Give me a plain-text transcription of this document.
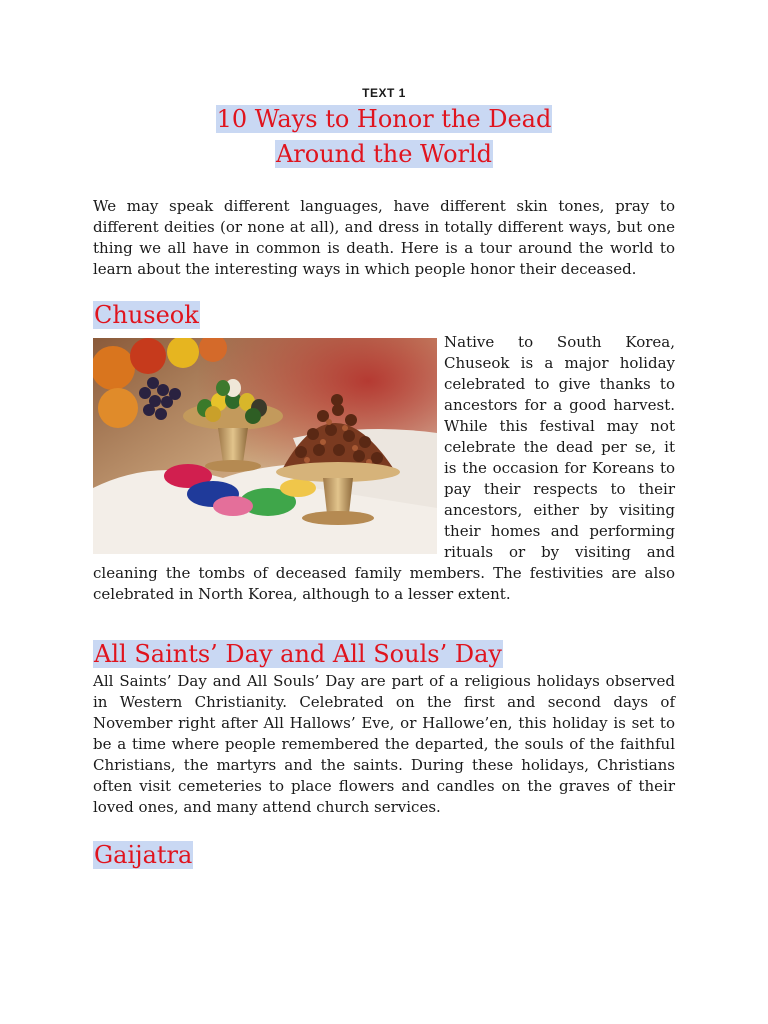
TEXT 1
10 Ways to Honor the Dead
Around the World

We may speak different languages, have different skin tones, pray to different deities (or none at all), and dress in totally different ways, but one thing we all have in common is death. Here is a tour around the world to learn about the interesting ways in which people honor their deceased.

Chuseok

Native to South Korea, Chuseok is a major holiday celebrated to give thanks to ancestors for a good harvest. While this festival may not celebrate the dead per se, it is the occasion for Koreans to pay their respects to their ancestors, either by visiting their homes and performing rituals or by visiting and cleaning the tombs of deceased family members. The festivities are also celebrated in North Korea, although to a lesser extent.

All Saints’ Day and All Souls’ Day

All Saints’ Day and All Souls’ Day are part of a religious holidays observed in Western Christianity. Celebrated on the first and second days of November right after All Hallows’ Eve, or Hallowe’en, this holiday is set to be a time where people remembered the departed, the souls of the faithful Christians, the martyrs and the saints. During these holidays, Christians often visit cemeteries to place flowers and candles on the graves of their loved ones, and many attend church services.

Gaijatra
